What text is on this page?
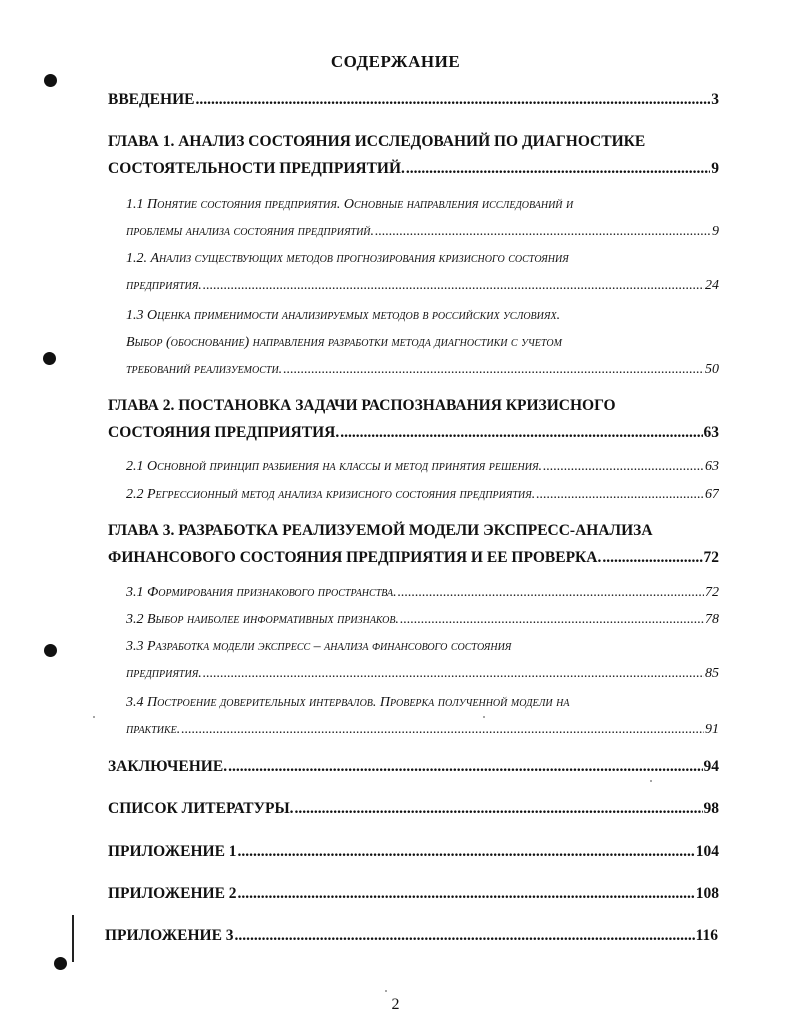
СОДЕРЖАНИЕ
ВВЕДЕНИЕ .....	3
ГЛАВА 1. АНАЛИЗ СОСТОЯНИЯ ИССЛЕДОВАНИЙ ПО ДИАГНОСТИКЕ
СОСТОЯТЕЛЬНОСТИ ПРЕДПРИЯТИЙ. .....	9
1.1 Понятие состояния предприятия. Основные направления исследований и
проблемы анализа состояния предприятий. .....	9
1.2. Анализ существующих методов прогнозирования кризисного состояния
предприятия. .....	24
1.3 Оценка применимости анализируемых методов в российских условиях.
Выбор (обоснование) направления разработки метода диагностики с учетом
требований реализуемости. .....	50
ГЛАВА 2. ПОСТАНОВКА ЗАДАЧИ РАСПОЗНАВАНИЯ КРИЗИСНОГО
СОСТОЯНИЯ ПРЕДПРИЯТИЯ. .....	63
2.1 Основной принцип разбиения на классы и метод принятия решения. .....	63
2.2 Регрессионный метод анализа кризисного состояния предприятия. .....	67
ГЛАВА 3. РАЗРАБОТКА РЕАЛИЗУЕМОЙ МОДЕЛИ ЭКСПРЕСС-АНАЛИЗА
ФИНАНСОВОГО СОСТОЯНИЯ ПРЕДПРИЯТИЯ И ЕЕ ПРОВЕРКА. .....	72
3.1 Формирования признакового пространства. .....	72
3.2 Выбор наиболее информативных признаков. .....	78
3.3 Разработка модели экспресс – анализа финансового состояния
предприятия. .....	85
3.4 Построение доверительных интервалов. Проверка полученной модели на
практике. .....	91
ЗАКЛЮЧЕНИЕ. .....	94
СПИСОК ЛИТЕРАТУРЫ. .....	98
ПРИЛОЖЕНИЕ 1 .....	104
ПРИЛОЖЕНИЕ 2 .....	108
ПРИЛОЖЕНИЕ 3 .....	116
2
